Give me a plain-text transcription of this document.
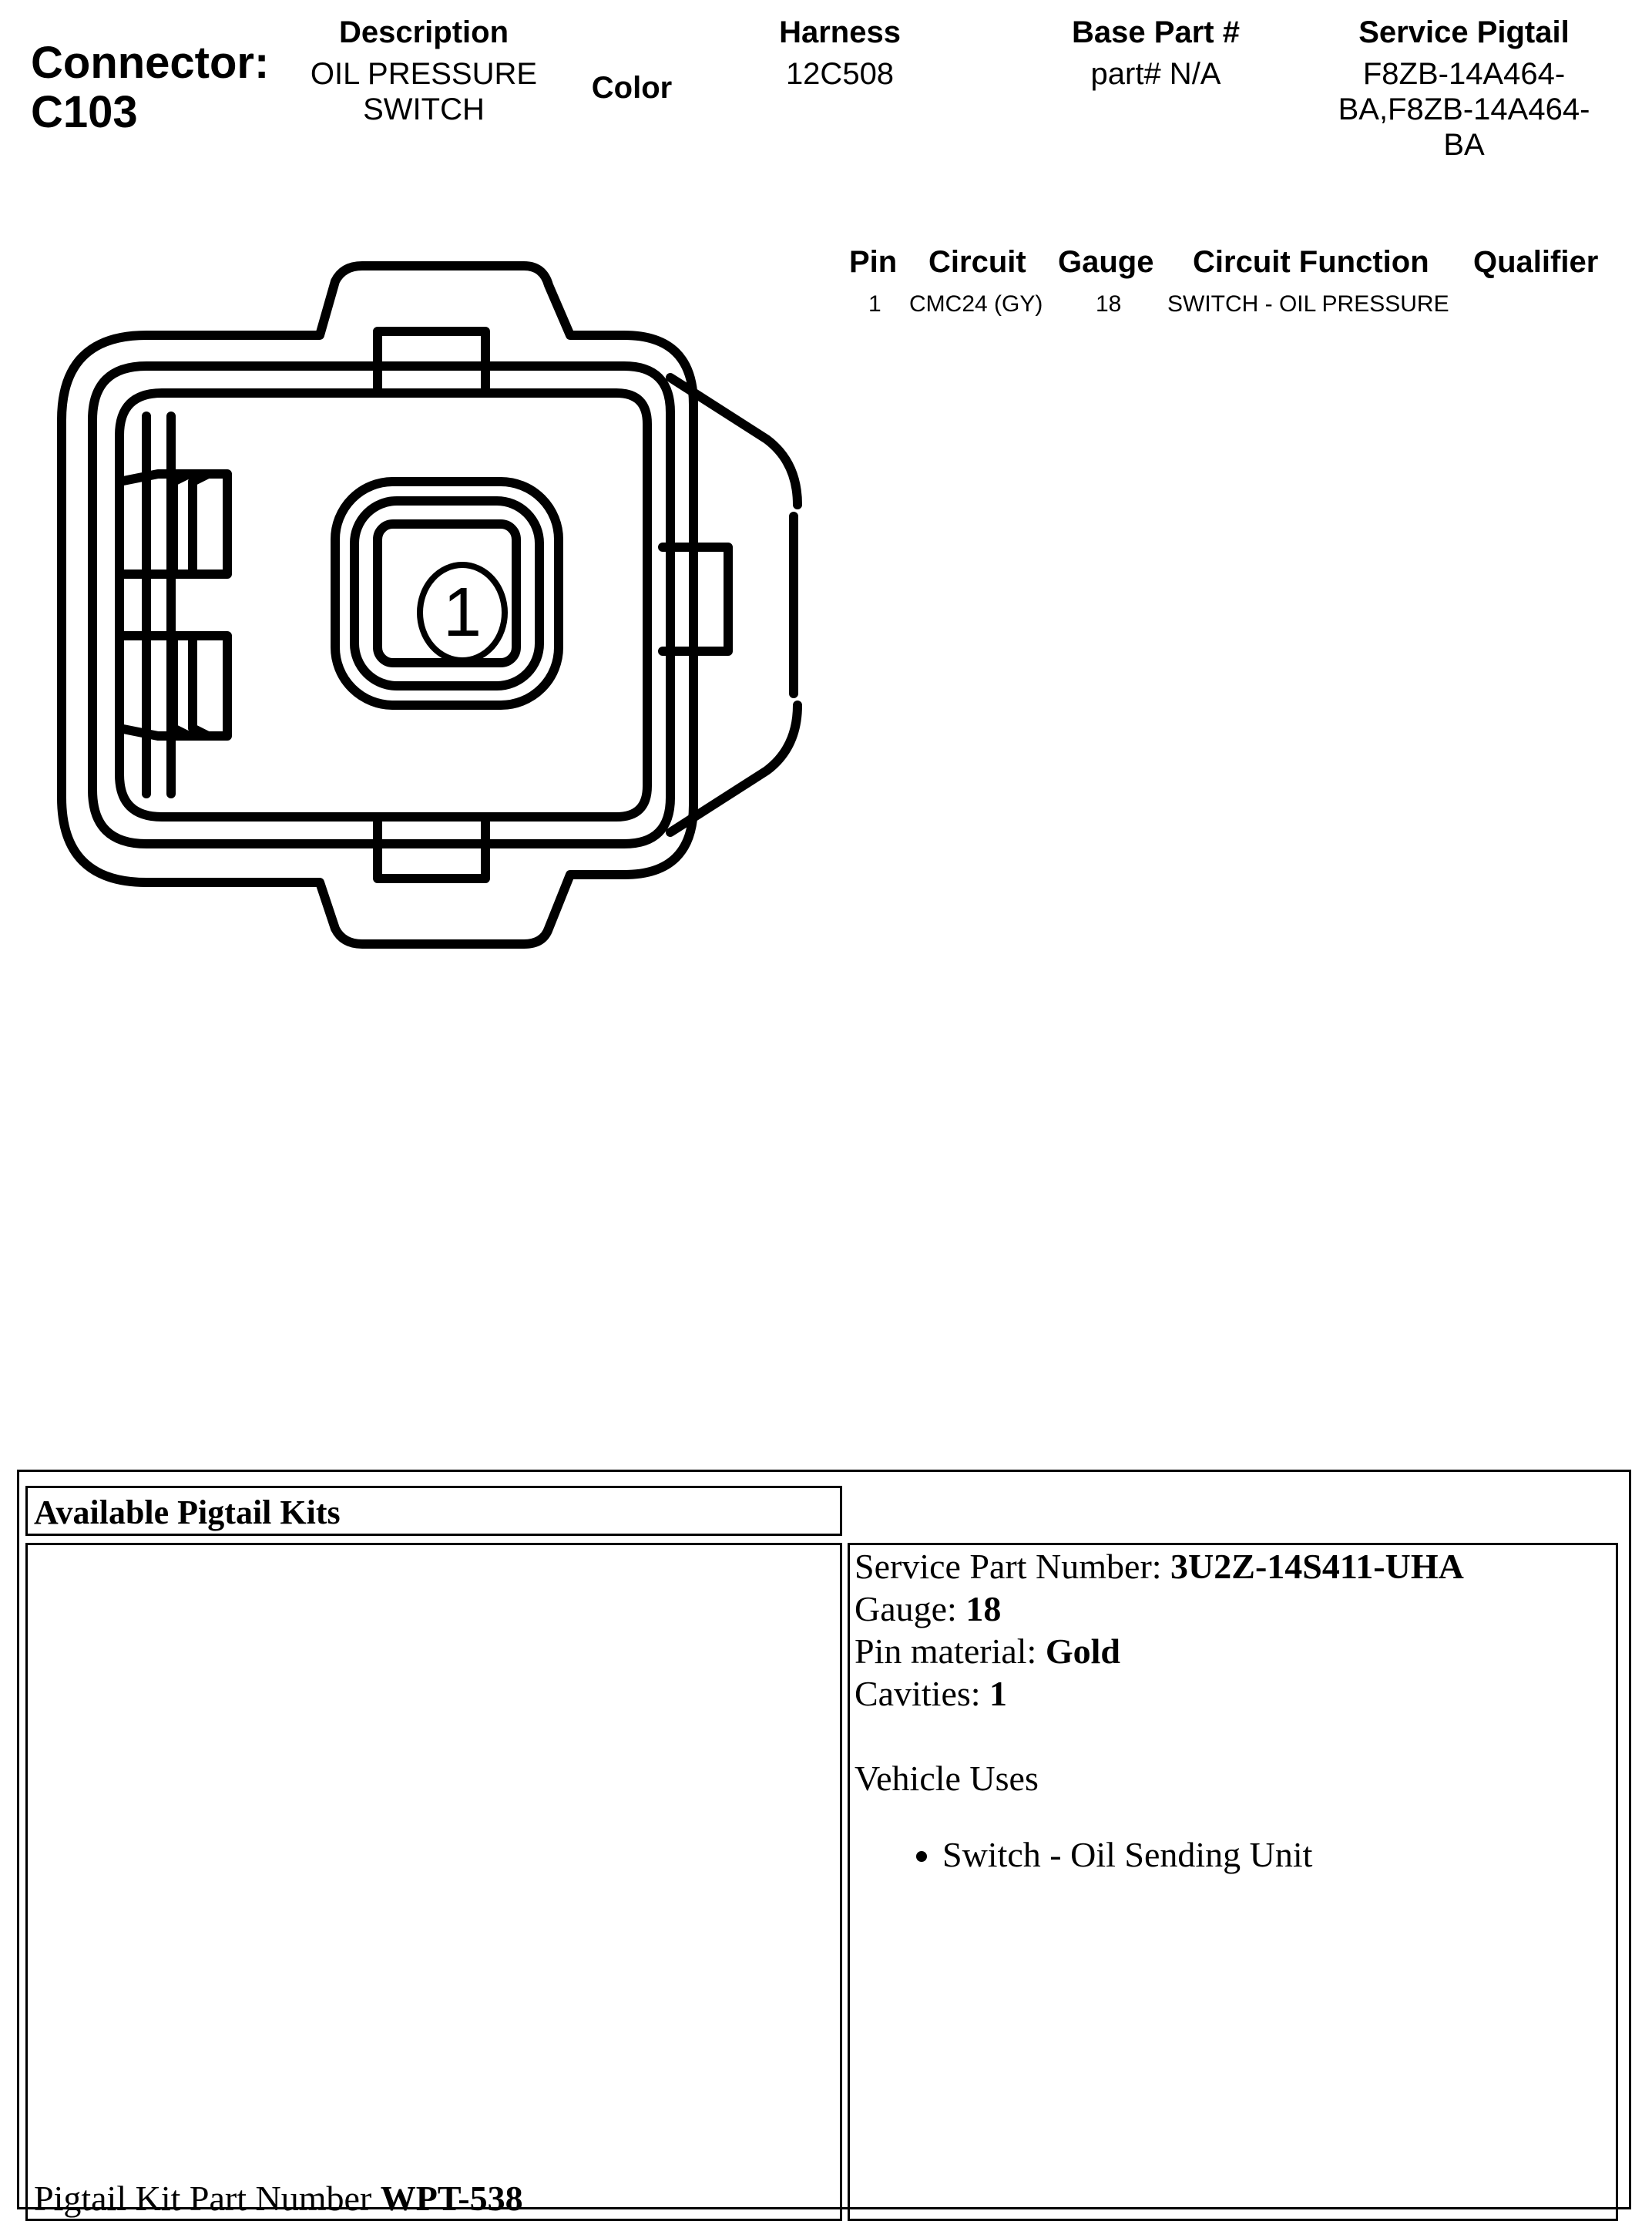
Connector:
C103
Description
OIL PRESSURE
SWITCH
Color
Harness
12C508
Base Part #
part# N/A
Service Pigtail
F8ZB-14A464-
BA,F8ZB-14A464-
BA
Pin Circuit Gauge Circuit Function Qualifier
1 CMC24 (GY) 18 SWITCH - OIL PRESSURE
1
Available Pigtail Kits
Pigtail Kit Part Number WPT-538
Service Part Number: 3U2Z-14S411-UHA
Gauge: 18
Pin material: Gold
Cavities: 1
Vehicle Uses
• Switch - Oil Sending Unit
